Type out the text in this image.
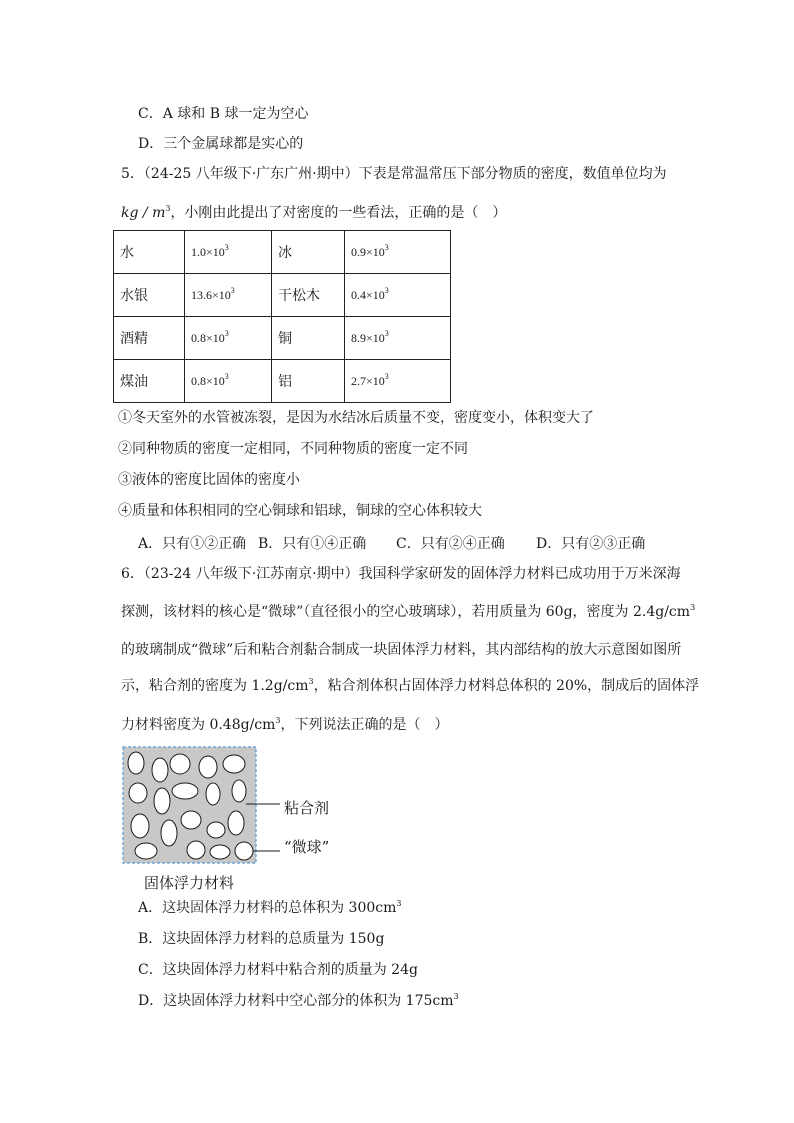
C．A 球和 B 球一定为空心
D．三个金属球都是实心的
5．（24-25 八年级下·广东广州·期中）下表是常温常压下部分物质的密度，数值单位均为
kg / $m^3$，小刚由此提出了对密度的一些看法，正确的是（　）
水	$1.0\times 10^3$	冰	$0.9\times 10^3$
水银	$13.6\times 10^3$	干松木	$0.4\times 10^3$
酒精	$0.8\times 10^3$	铜	$8.9\times 10^3$
煤油	$0.8\times 10^3$	铝	$2.7\times 10^3$
①冬天室外的水管被冻裂，是因为水结冰后质量不变，密度变小，体积变大了
②同种物质的密度一定相同，不同种物质的密度一定不同
③液体的密度比固体的密度小
④质量和体积相同的空心铜球和铝球，铜球的空心体积较大
A．只有①②正确 B．只有①④正确 C．只有②④正确 D．只有②③正确
6．（23-24 八年级下·江苏南京·期中）我国科学家研发的固体浮力材料已成功用于万米深海
探测，该材料的核心是“微球”（直径很小的空心玻璃球），若用质量为 60g，密度为 $2.4g/cm^3$
的玻璃制成“微球”后和粘合剂黏合制成一块固体浮力材料，其内部结构的放大示意图如图所
示，粘合剂的密度为 $1.2g/cm^3$，粘合剂体积占固体浮力材料总体积的 20%，制成后的固体浮
力材料密度为 $0.48g/cm^3$，下列说法正确的是（　）
粘合剂
“微球”
固体浮力材料
A．这块固体浮力材料的总体积为 $300cm^3$
B．这块固体浮力材料的总质量为 150g
C．这块固体浮力材料中粘合剂的质量为 24g
D．这块固体浮力材料中空心部分的体积为 $175cm^3$
